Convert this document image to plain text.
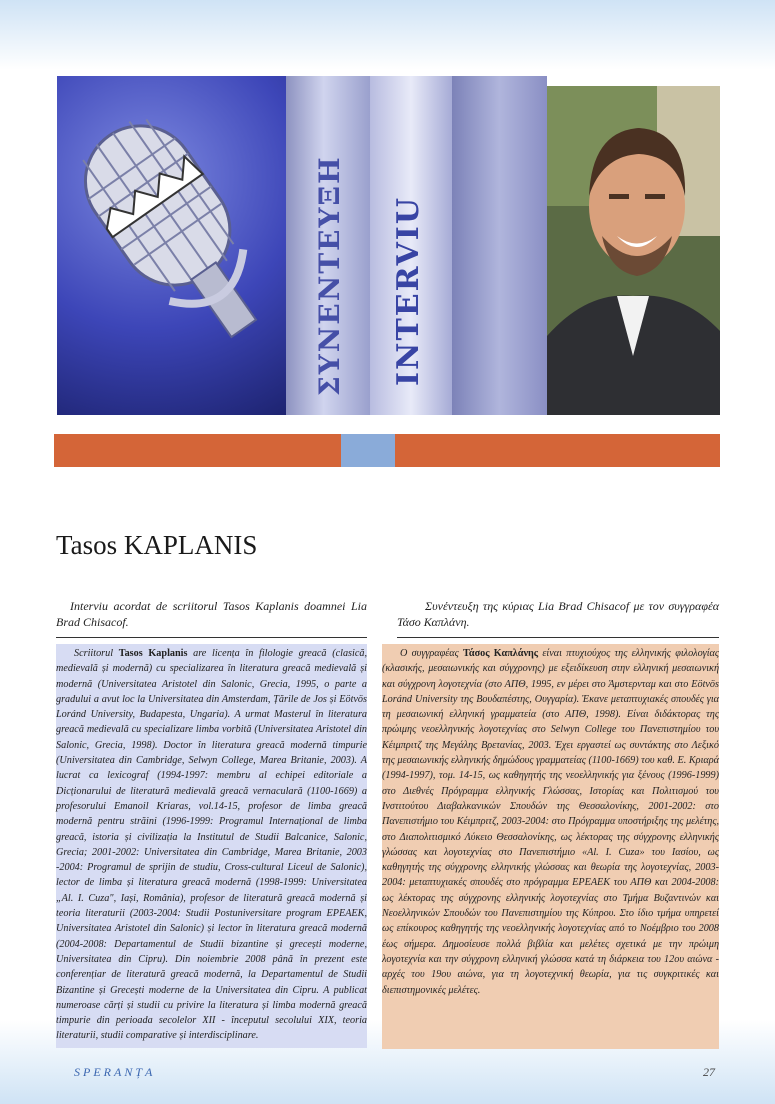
ΣΥΝΕΝΤΕΥΞΗ INTERVIU
Tasos KAPLANIS

Interviu acordat de scriitorul Tasos Kaplanis doamnei Lia Brad Chisacof.

Συνέντευξη της κύριας Lia Brad Chisacof με τον συγγραφέα Τάσο Καπλάνη.

Scriitorul Tasos Kaplanis are licența în filologie greacă (clasică, medievală și modernă) cu specializarea în literatura greacă medievală și modernă (Universitatea Aristotel din Salonic, Grecia, 1995, o parte a gradului a avut loc la Universitatea din Amsterdam, Țările de Jos și Eötvös Loránd University, Budapesta, Ungaria). A urmat Masterul în literatura greacă medievală cu specializare limba vorbită (Universitatea Aristotel din Salonic, Grecia, 1998). Doctor în literatura greacă modernă timpurie (Universitatea din Cambridge, Selwyn College, Marea Britanie, 2003). A lucrat ca lexicograf (1994-1997: membru al echipei editoriale a Dicționarului de literatură medievală greacă vernaculară (1100-1669) a profesorului Emanoil Kriaras, vol.14-15, profesor de limba greacă modernă pentru străini (1996-1999: Programul Internațional de limba greacă, istoria și civilizația la Institutul de Studii Balcanice, Salonic, Grecia; 2001-2002: Universitatea din Cambridge, Marea Britanie, 2003 -2004: Programul de sprijin de studiu, Cross-cultural Liceul de Salonic), lector de limba și literatura greacă modernă (1998-1999: Universitatea „Al. I. Cuza", Iași, România), profesor de literatură greacă modernă și teoria literaturii (2003-2004: Studii Postuniversitare program EPEAEK, Universitatea Aristotel din Salonic) și lector în literatura greacă modernă (2004-2008: Departamentul de Studii bizantine și grecești moderne, Universitatea din Cipru). Din noiembrie 2008 până în prezent este conferențiar de literatură greacă modernă, la Departamentul de Studii Bizantine și Grecești moderne de la Universitatea din Cipru. A publicat numeroase cărți și studii cu privire la literatura și limba modernă greacă timpurie din perioada secolelor XII - începutul secolului XIX, teoria literaturii, studii comparative și interdisciplinare.

Ο συγγραφέας Τάσος Καπλάνης είναι πτυχιούχος της ελληνικής φιλολογίας (κλασικής, μεσαιωνικής και σύγχρονης) με εξειδίκευση στην ελληνική μεσαιωνική και σύγχρονη λογοτεχνία (στο ΑΠΘ, 1995, εν μέρει στο Άμστερνταμ και στο Eötvös Loránd University της Βουδαπέστης, Ουγγαρία). Έκανε μεταπτυχιακές σπουδές για τη μεσαιωνική ελληνική γραμματεία (στο ΑΠΘ, 1998). Είναι διδάκτορας της πρώιμης νεοελληνικής λογοτεχνίας στο Selwyn College του Πανεπιστημίου του Κέιμπριτζ της Μεγάλης Βρετανίας, 2003. Έχει εργαστεί ως συντάκτης στο Λεξικό της μεσαιωνικής ελληνικής δημώδους γραμματείας (1100-1669) του καθ. Ε. Κριαρά (1994-1997), τομ. 14-15, ως καθηγητής της νεοελληνικής για ξένους (1996-1999) στο Διεθνές Πρόγραμμα ελληνικής Γλώσσας, Ιστορίας και Πολιτισμού του Ινστιτούτου Διαβαλκανικών Σπουδών της Θεσσαλονίκης, 2001-2002: στο Πανεπιστήμιο του Κέιμπριτζ, 2003-2004: στο Πρόγραμμα υποστήριξης της μελέτης, στο Διαπολιτισμικό Λύκειο Θεσσαλονίκης, ως λέκτορας της σύγχρονης ελληνικής γλώσσας και λογοτεχνίας στο Πανεπιστήμιο «Al. I. Cuza» του Ιασίου, ως καθηγητής της σύγχρονης ελληνικής γλώσσας και θεωρία της λογοτεχνίας, 2003-2004: μεταπτυχιακές σπουδές στο πρόγραμμα ΕΡΕΑΕΚ του ΑΠΘ και 2004-2008: ως λέκτορας της σύγχρονης ελληνικής λογοτεχνίας στο Τμήμα Βυζαντινών και Νεοελληνικών Σπουδών του Πανεπιστημίου της Κύπρου. Στο ίδιο τμήμα υπηρετεί ως επίκουρος καθηγητής της νεοελληνικής λογοτεχνίας από το Νοέμβριο του 2008 έως σήμερα. Δημοσίευσε πολλά βιβλία και μελέτες σχετικά με την πρώιμη λογοτεχνία και την σύγχρονη ελληνική γλώσσα κατά τη διάρκεια του 12ου αιώνα - αρχές του 19ου αιώνα, για τη λογοτεχνική θεωρία, για τις συγκριτικές και διεπιστημονικές μελέτες.

SPERANȚA	27
